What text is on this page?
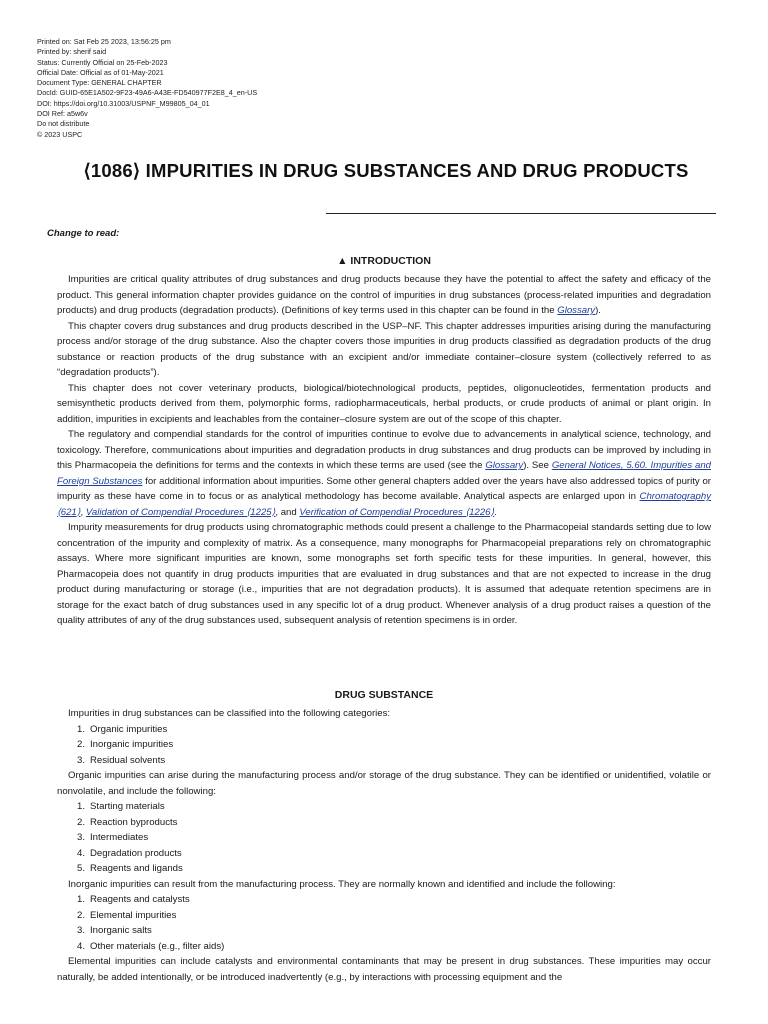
Printed on: Sat Feb 25 2023, 13:56:25 pm
Printed by: sherif said
Status: Currently Official on 25-Feb-2023
Official Date: Official as of 01-May-2021
Document Type: GENERAL CHAPTER
DocId: GUID-65E1A502-9F23-49A6-A43E-FD540977F2E8_4_en-US
DOI: https://doi.org/10.31003/USPNF_M99805_04_01
DOI Ref: a5w6v
Do not distribute
© 2023 USPC
⟨1086⟩ IMPURITIES IN DRUG SUBSTANCES AND DRUG PRODUCTS
Change to read:
▲ INTRODUCTION

Impurities are critical quality attributes of drug substances and drug products because they have the potential to affect the safety and efficacy of the product. This general information chapter provides guidance on the control of impurities in drug substances (process-related impurities and degradation products) and drug products (degradation products). (Definitions of key terms used in this chapter can be found in the Glossary).

This chapter covers drug substances and drug products described in the USP–NF. This chapter addresses impurities arising during the manufacturing process and/or storage of the drug substance. Also the chapter covers those impurities in drug products classified as degradation products of the drug substance or reaction products of the drug substance with an excipient and/or immediate container–closure system (collectively referred to as “degradation products”).

This chapter does not cover veterinary products, biological/biotechnological products, peptides, oligonucleotides, fermentation products and semisynthetic products derived from them, polymorphic forms, radiopharmaceuticals, herbal products, or crude products of animal or plant origin. In addition, impurities in excipients and leachables from the container–closure system are out of the scope of this chapter.

The regulatory and compendial standards for the control of impurities continue to evolve due to advancements in analytical science, technology, and toxicology. Therefore, communications about impurities and degradation products in drug substances and drug products can be improved by including in this Pharmacopeia the definitions for terms and the contexts in which these terms are used (see the Glossary). See General Notices, 5.60. Impurities and Foreign Substances for additional information about impurities. Some other general chapters added over the years have also addressed topics of purity or impurity as these have come in to focus or as analytical methodology has become available. Analytical aspects are enlarged upon in Chromatography ⟨621⟩, Validation of Compendial Procedures ⟨1225⟩, and Verification of Compendial Procedures ⟨1226⟩.

Impurity measurements for drug products using chromatographic methods could present a challenge to the Pharmacopeial standards setting due to low concentration of the impurity and complexity of matrix. As a consequence, many monographs for Pharmacopeial preparations rely on chromatographic assays. Where more significant impurities are known, some monographs set forth specific tests for these impurities. In general, however, this Pharmacopeia does not quantify in drug products impurities that are evaluated in drug substances and that are not expected to increase in the drug product during manufacturing or storage (i.e., impurities that are not degradation products). It is assumed that adequate retention specimens are in storage for the exact batch of drug substances used in any specific lot of a drug product. Whenever analysis of a drug product raises a question of the quality attributes of any of the drug substances used, subsequent analysis of retention specimens is in order.

DRUG SUBSTANCE

Impurities in drug substances can be classified into the following categories:

1. Organic impurities
2. Inorganic impurities
3. Residual solvents

Organic impurities can arise during the manufacturing process and/or storage of the drug substance. They can be identified or unidentified, volatile or nonvolatile, and include the following:

1. Starting materials
2. Reaction byproducts
3. Intermediates
4. Degradation products
5. Reagents and ligands

Inorganic impurities can result from the manufacturing process. They are normally known and identified and include the following:

1. Reagents and catalysts
2. Elemental impurities
3. Inorganic salts
4. Other materials (e.g., filter aids)

Elemental impurities can include catalysts and environmental contaminants that may be present in drug substances. These impurities may occur naturally, be added intentionally, or be introduced inadvertently (e.g., by interactions with processing equipment and the
